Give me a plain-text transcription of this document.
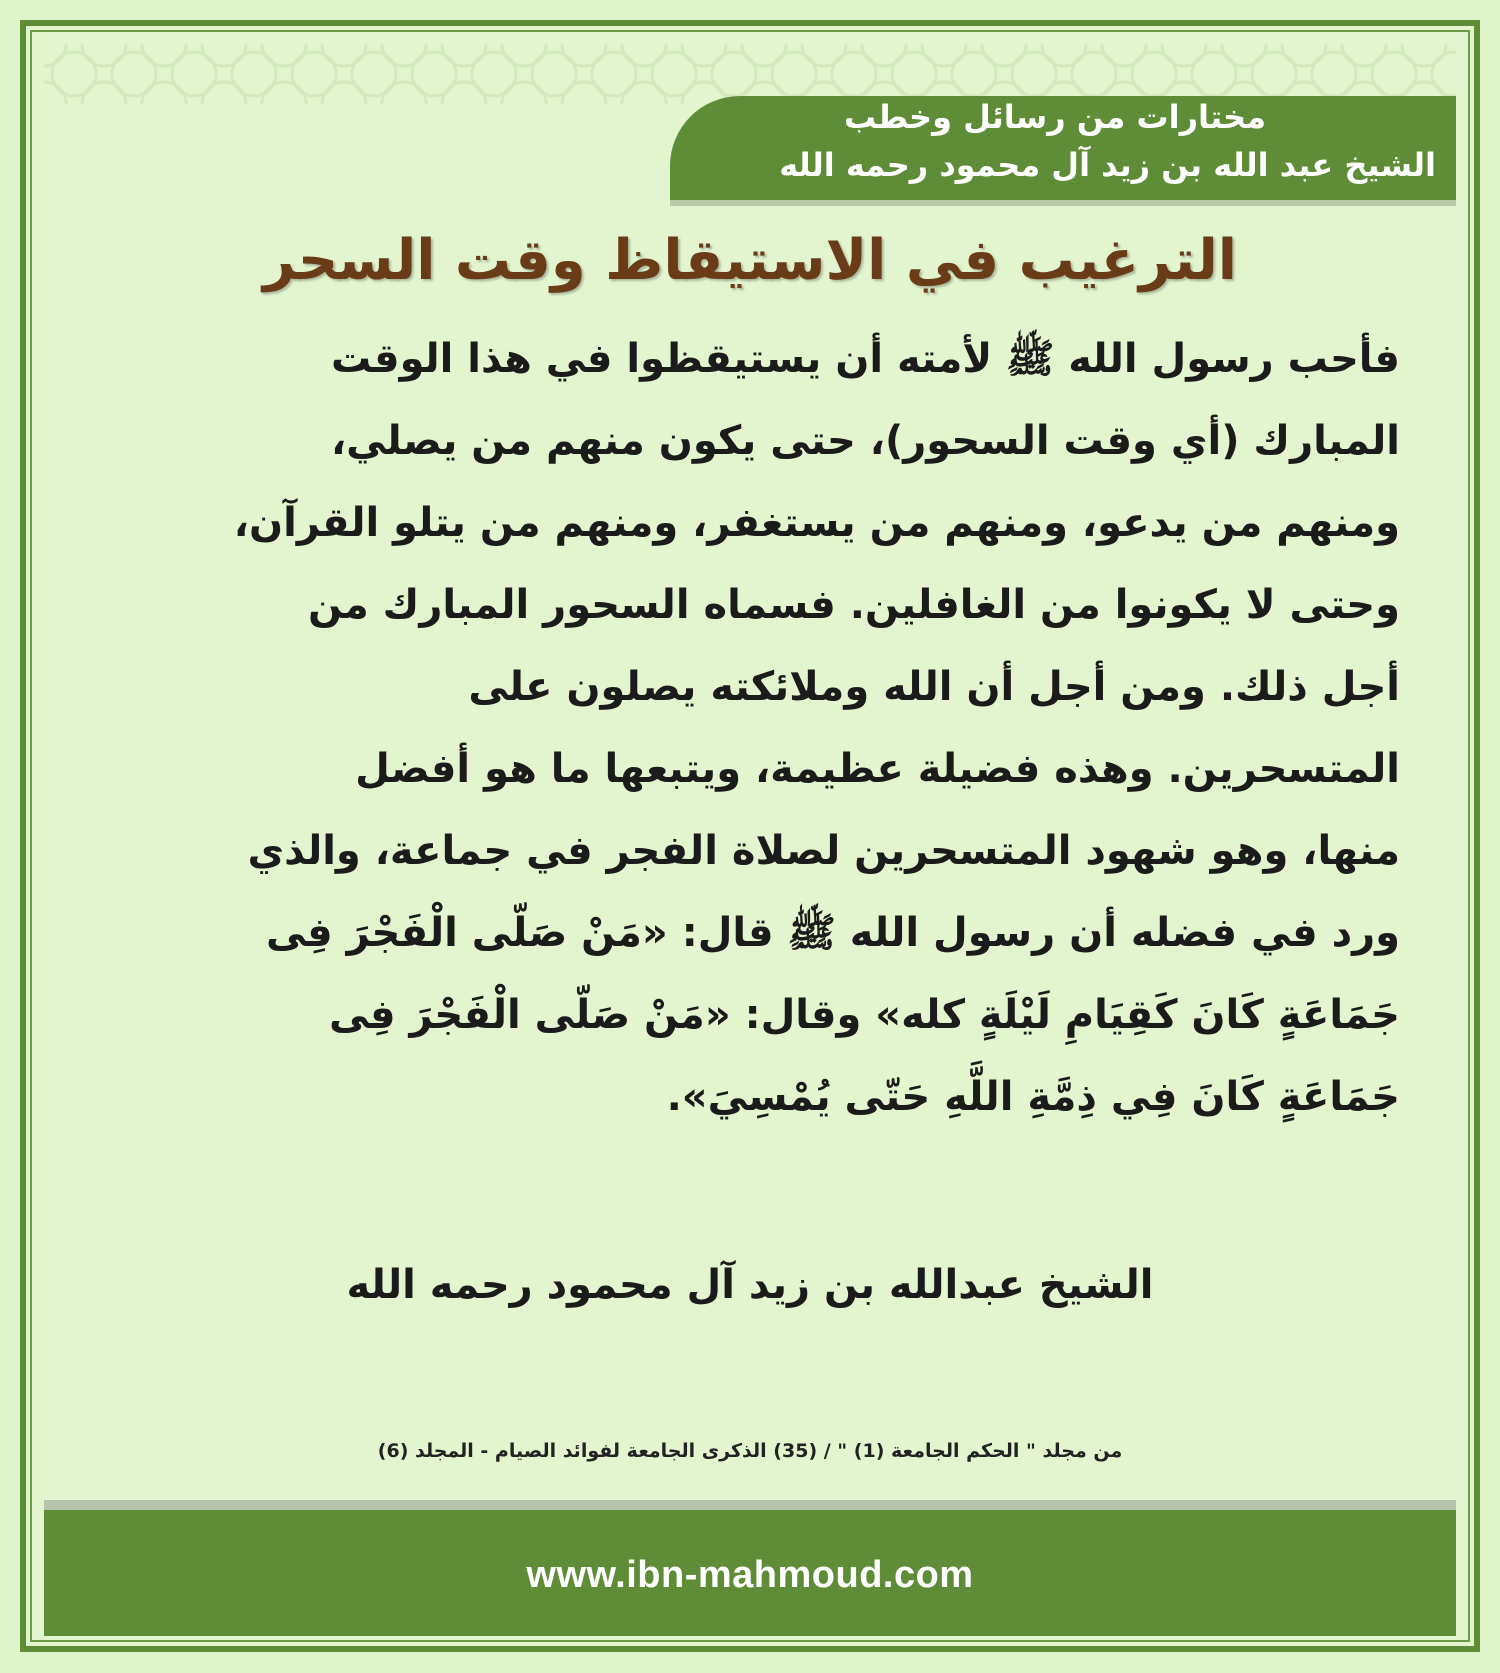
مختارات من رسائل وخطب
الشيخ عبد الله بن زيد آل محمود رحمه الله
الترغيب في الاستيقاظ وقت السحر
فأحب رسول الله ﷺ لأمته أن يستيقظوا في هذا الوقت
المبارك (أي وقت السحور)، حتى يكون منهم من يصلي،
ومنهم من يدعو، ومنهم من يستغفر، ومنهم من يتلو القرآن،
وحتى لا يكونوا من الغافلين. فسماه السحور المبارك من
أجل ذلك. ومن أجل أن الله وملائكته يصلون على
المتسحرين. وهذه فضيلة عظيمة، ويتبعها ما هو أفضل
منها، وهو شهود المتسحرين لصلاة الفجر في جماعة، والذي
ورد في فضله أن رسول الله ﷺ قال: «مَنْ صَلّى الْفَجْرَ فِى
جَمَاعَةٍ كَانَ كَقِيَامِ لَيْلَةٍ كله» وقال: «مَنْ صَلّى الْفَجْرَ فِى
جَمَاعَةٍ كَانَ فِي ذِمَّةِ اللَّهِ حَتّى يُمْسِيَ».
الشيخ عبدالله بن زيد آل محمود رحمه الله
من مجلد " الحكم الجامعة (1) " / (35) الذكرى الجامعة لفوائد الصيام - المجلد (6)
www.ibn-mahmoud.com
